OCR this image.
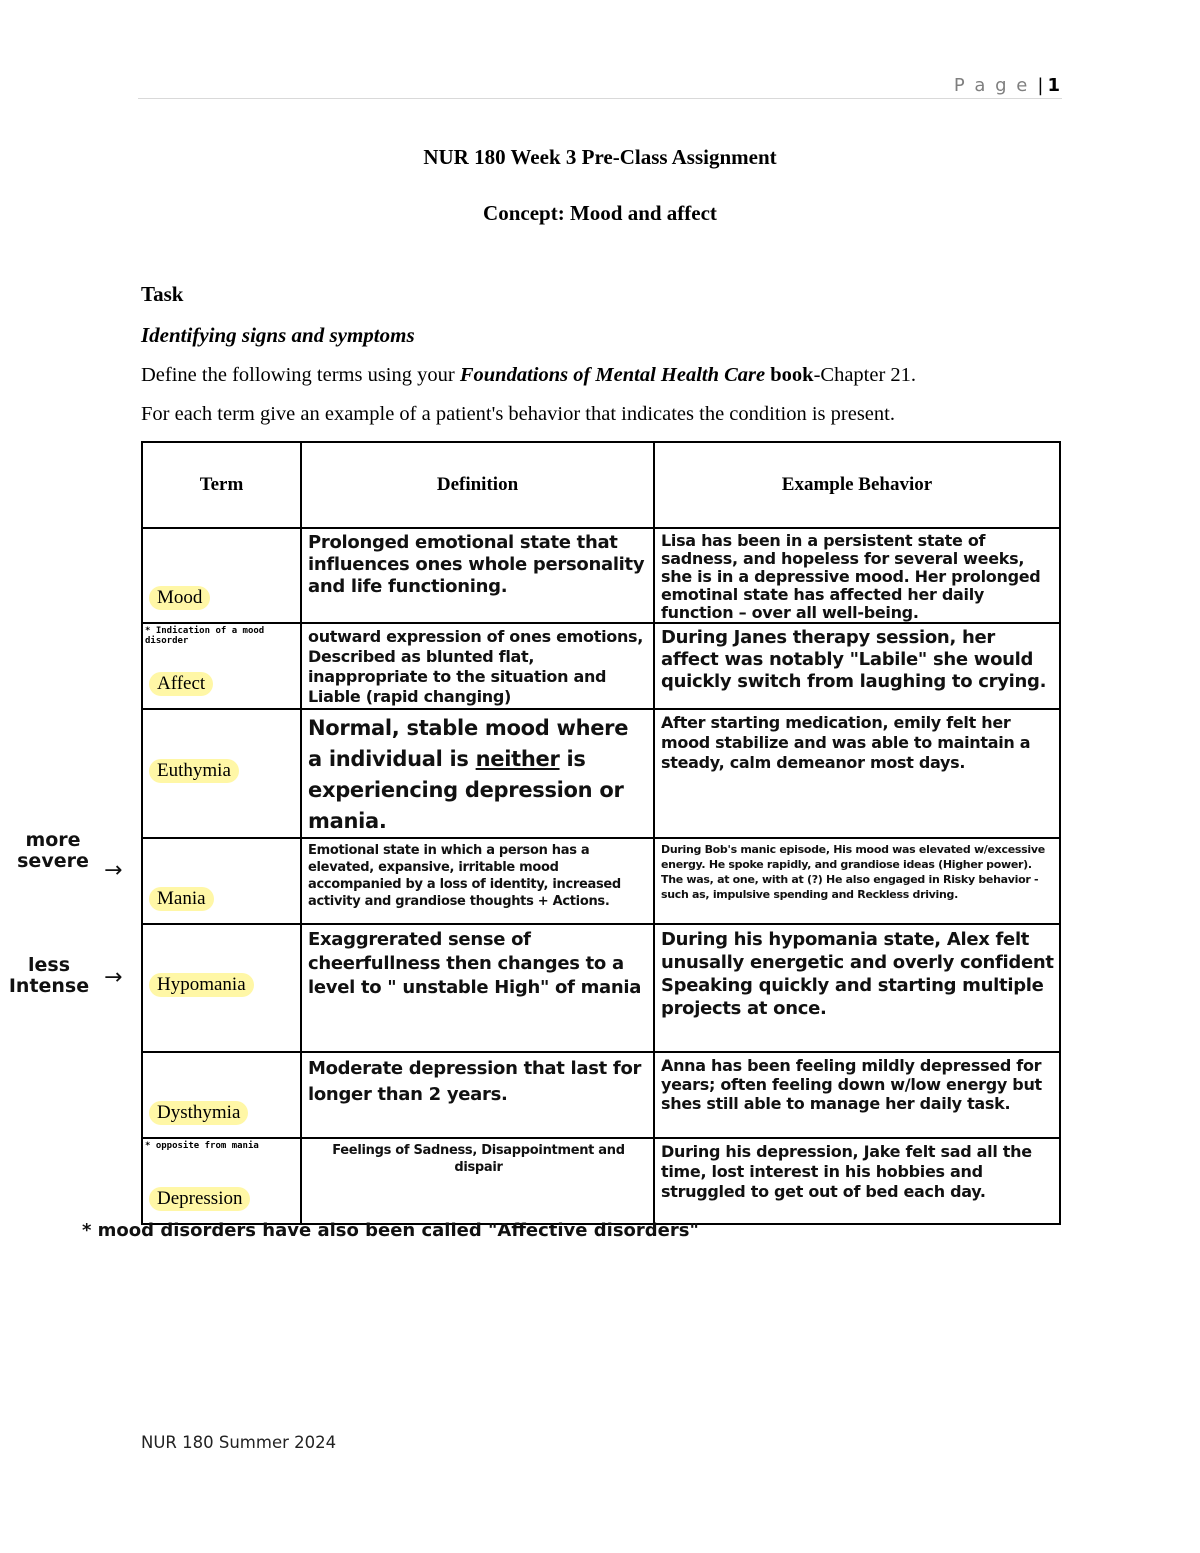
P a g e | 1
NUR 180 Week 3 Pre-Class Assignment
Concept: Mood and affect
Task
Identifying signs and symptoms
Define the following terms using your Foundations of Mental Health Care book-Chapter 21.
For each term give an example of a patient's behavior that indicates the condition is present.
Term	Definition	Example Behavior

Mood	Prolonged emotional state that influences ones whole personality and life functioning.	Lisa has been in a persistent state of sadness, and hopeless for several weeks, she is in a depressive mood. Her prolonged emotinal state has affected her daily function – over all well-being.

* Indication of a mood disorder
Affect	outward expression of ones emotions, Described as blunted flat, inappropriate to the situation and Liable (rapid changing)	During Janes therapy session, her affect was notably "Labile" she would quickly switch from laughing to crying.

Euthymia	Normal, stable mood where a individual is neither is experiencing depression or mania.	After starting medication, emily felt her mood stabilize and was able to maintain a steady, calm demeanor most days.

Mania	Emotional state in which a person has a elevated, expansive, irritable mood accompanied by a loss of identity, increased activity and grandiose thoughts + Actions.	During Bob's manic episode, His mood was elevated w/excessive energy. He spoke rapidly, and grandiose ideas (Higher power). The was, at one, with at (?) He also engaged in Risky behavior - such as, impulsive spending and Reckless driving.

Hypomania	Exaggrerated sense of cheerfullness then changes to a level to " unstable High" of mania	During his hypomania state, Alex felt unusally energetic and overly confident Speaking quickly and starting multiple projects at once.

Dysthymia	Moderate depression that last for longer than 2 years.	Anna has been feeling mildly depressed for years; often feeling down w/low energy but shes still able to manage her daily task.

* opposite from mania
Depression	Feelings of Sadness, Disappointment and dispair	During his depression, Jake felt sad all the time, lost interest in his hobbies and struggled to get out of bed each day.
more severe →
less Intense →
* mood disorders have also been called "Affective disorders"
NUR 180 Summer 2024
